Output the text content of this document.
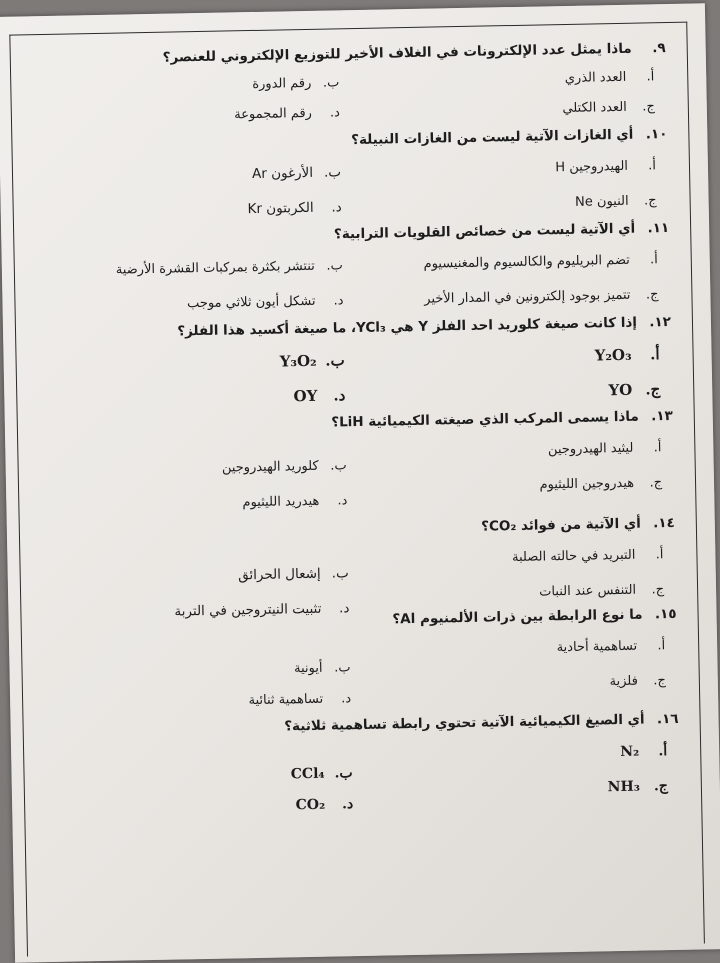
٩.
ماذا يمثل عدد الإلكترونات في الغلاف الأخير للتوزيع الإلكتروني للعنصر؟
ب.
رقم الدورة	أ.
العدد الذري
د.
رقم المجموعة	ج.
العدد الكتلي
١٠.
أي الغازات الآتية ليست من الغازات النبيلة؟
أ.
الهيدروجين H
ب.
الأرغون Ar
ج.
النيون Ne
د.
الكربتون Kr
١١.
أي الآتية ليست من خصائص القلويات الترابية؟
أ.
تضم البريليوم والكالسيوم والمغنيسيوم
ب.
تنتشر بكثرة بمركبات القشرة الأرضية
ج.
تتميز بوجود إلكترونين في المدار الأخير
د.
تشكل أيون ثلاثي موجب
١٢.
إذا كانت صيغة كلوريد احد الفلز Y هي YCl₃، ما صيغة أكسيد هذا الفلز؟
أ.
Y₂O₃
ب.
Y₃O₂
ج.
YO
د.
OY
١٣.
ماذا يسمى المركب الذي صيغته الكيميائية LiH؟
أ.
ليثيد الهيدروجين
ب.
كلوريد الهيدروجين
ج.
هيدروجين الليثيوم
د.
هيدريد الليثيوم
١٤.
أي الآتية من فوائد CO₂؟
أ.
التبريد في حالته الصلبة
ب.
إشعال الحرائق
ج.
التنفس عند النبات
د.
تثبيت النيتروجين في التربة	١٥.
ما نوع الرابطة بين ذرات الألمنيوم Al؟
أ.
تساهمية أحادية
ب.
أيونية
ج.
فلزية
د.
تساهمية ثنائية
١٦.
أي الصيغ الكيميائية الآتية تحتوي رابطة تساهمية ثلاثية؟
أ.
N₂
ب.
CCl₄
ج.
NH₃
د.
CO₂
